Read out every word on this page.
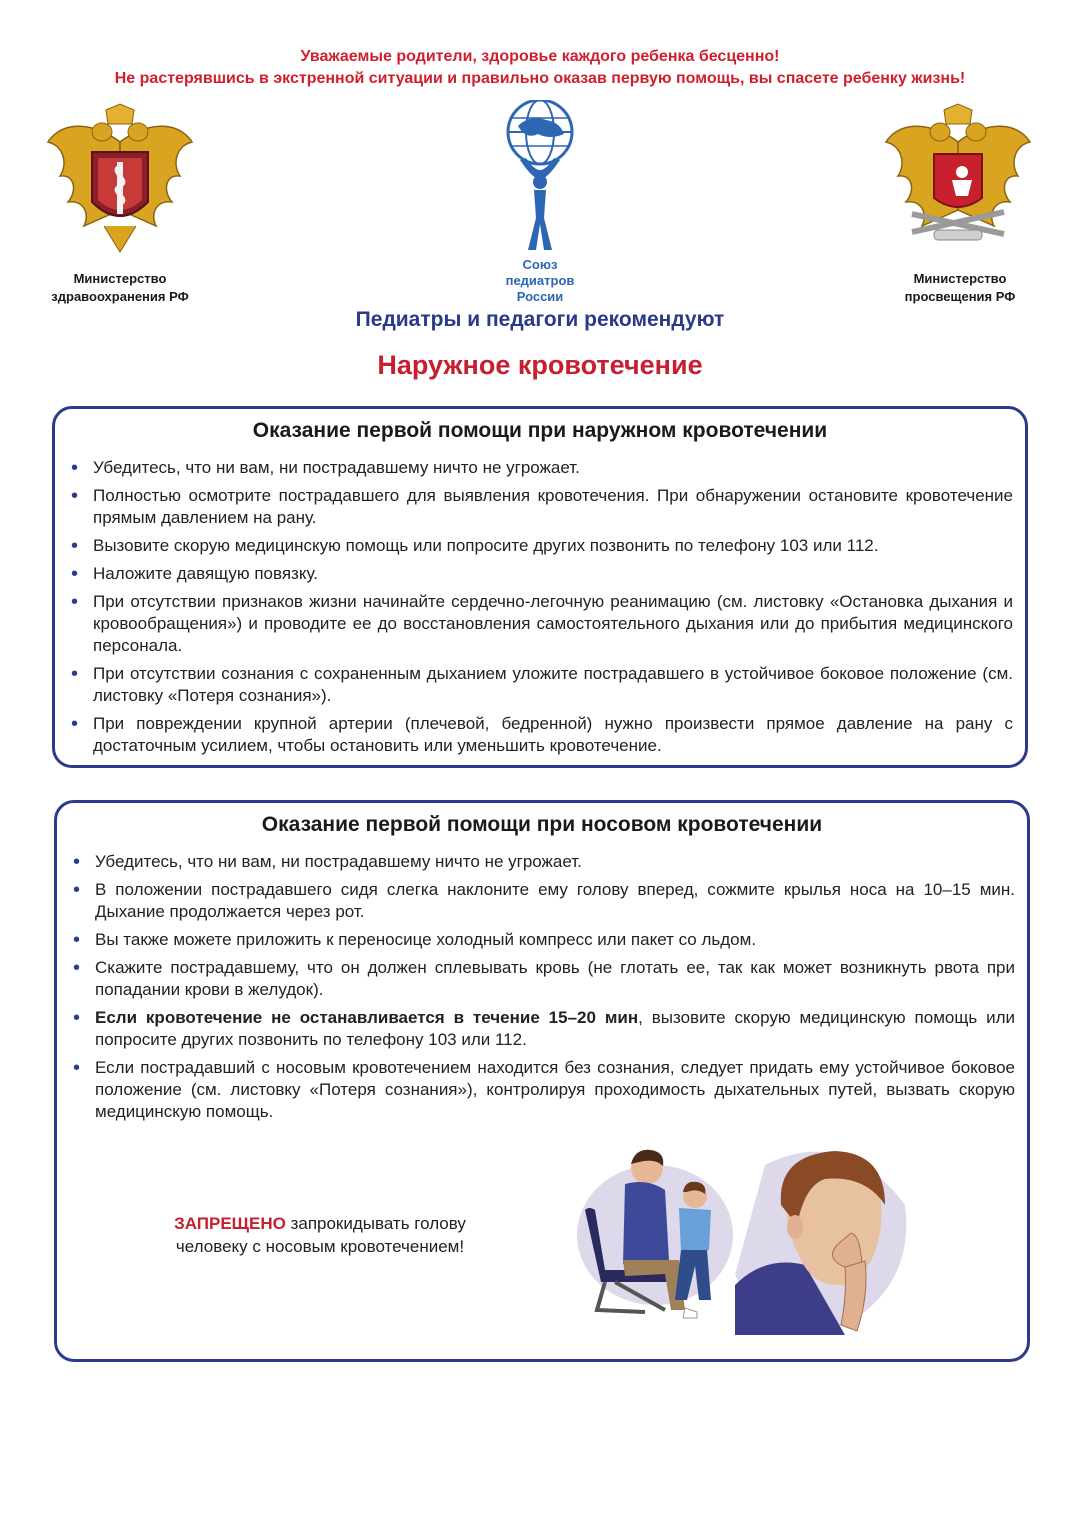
Уважаемые родители, здоровье каждого ребенка бесценно!
Не растерявшись в экстренной ситуации и правильно оказав первую помощь, вы спасете ребенку жизнь!
Министерство
здравоохранения РФ
Союз
педиатров
России
Министерство
просвещения РФ
Педиатры и педагоги рекомендуют
Наружное кровотечение
Оказание первой помощи при наружном кровотечении
• Убедитесь, что ни вам, ни пострадавшему ничто не угрожает.
• Полностью осмотрите пострадавшего для выявления кровотечения. При обнаружении остановите кровотечение прямым давлением на рану.
• Вызовите скорую медицинскую помощь или попросите других позвонить по телефону 103 или 112.
• Наложите давящую повязку.
• При отсутствии признаков жизни начинайте сердечно-легочную реанимацию (см. листовку «Остановка дыхания и кровообращения») и проводите ее до восстановления самостоятельного дыхания или до прибытия медицинского персонала.
• При отсутствии сознания с сохраненным дыханием уложите пострадавшего в устойчивое боковое положение (см. листовку «Потеря сознания»).
• При повреждении крупной артерии (плечевой, бедренной) нужно произвести прямое давление на рану с достаточным усилием, чтобы остановить или уменьшить кровотечение.
Оказание первой помощи при носовом кровотечении
• Убедитесь, что ни вам, ни пострадавшему ничто не угрожает.
• В положении пострадавшего сидя слегка наклоните ему голову вперед, сожмите крылья носа на 10–15 мин. Дыхание продолжается через рот.
• Вы также можете приложить к переносице холодный компресс или пакет со льдом.
• Скажите пострадавшему, что он должен сплевывать кровь (не глотать ее, так как может возникнуть рвота при попадании крови в желудок).
• Если кровотечение не останавливается в течение 15–20 мин, вызовите скорую медицинскую помощь или попросите других позвонить по телефону 103 или 112.
• Если пострадавший с носовым кровотечением находится без сознания, следует придать ему устойчивое боковое положение (см. листовку «Потеря сознания»), контролируя проходимость дыхательных путей, вызвать скорую медицинскую помощь.
ЗАПРЕЩЕНО запрокидывать голову
человеку с носовым кровотечением!
